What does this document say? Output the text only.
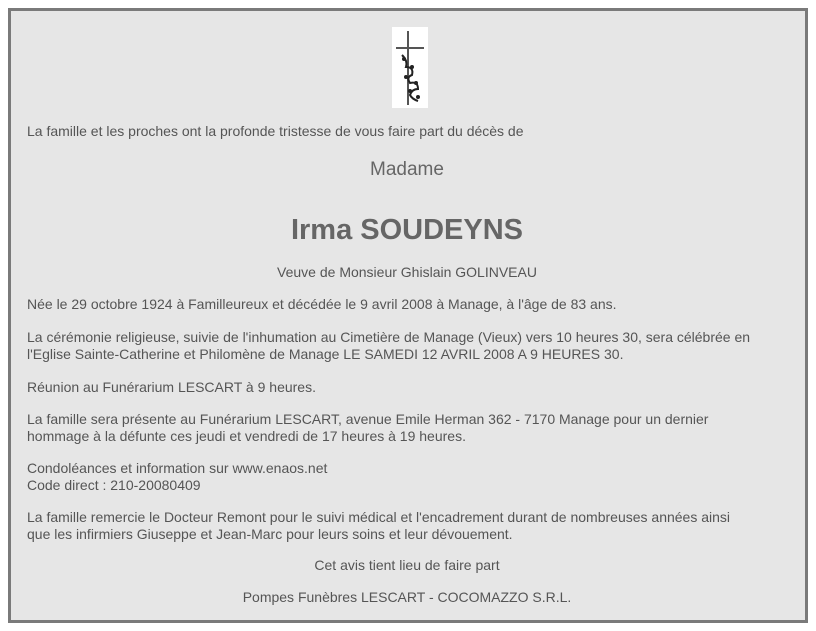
La famille et les proches ont la profonde tristesse de vous faire part du décès de
Madame
Irma SOUDEYNS
Veuve de Monsieur Ghislain GOLINVEAU
Née le 29 octobre 1924 à Familleureux et décédée le 9 avril 2008 à Manage, à l'âge de 83 ans.
La cérémonie religieuse, suivie de l'inhumation au Cimetière de Manage (Vieux) vers 10 heures 30, sera célébrée en
l'Eglise Sainte-Catherine et Philomène de Manage LE SAMEDI 12 AVRIL 2008 A 9 HEURES 30.
Réunion au Funérarium LESCART à 9 heures.
La famille sera présente au Funérarium LESCART, avenue Emile Herman 362 - 7170 Manage pour un dernier
hommage à la défunte ces jeudi et vendredi de 17 heures à 19 heures.
Condoléances et information sur www.enaos.net
Code direct : 210-20080409
La famille remercie le Docteur Remont pour le suivi médical et l'encadrement durant de nombreuses années ainsi
que les infirmiers Giuseppe et Jean-Marc pour leurs soins et leur dévouement.
Cet avis tient lieu de faire part
Pompes Funèbres LESCART - COCOMAZZO S.R.L.
